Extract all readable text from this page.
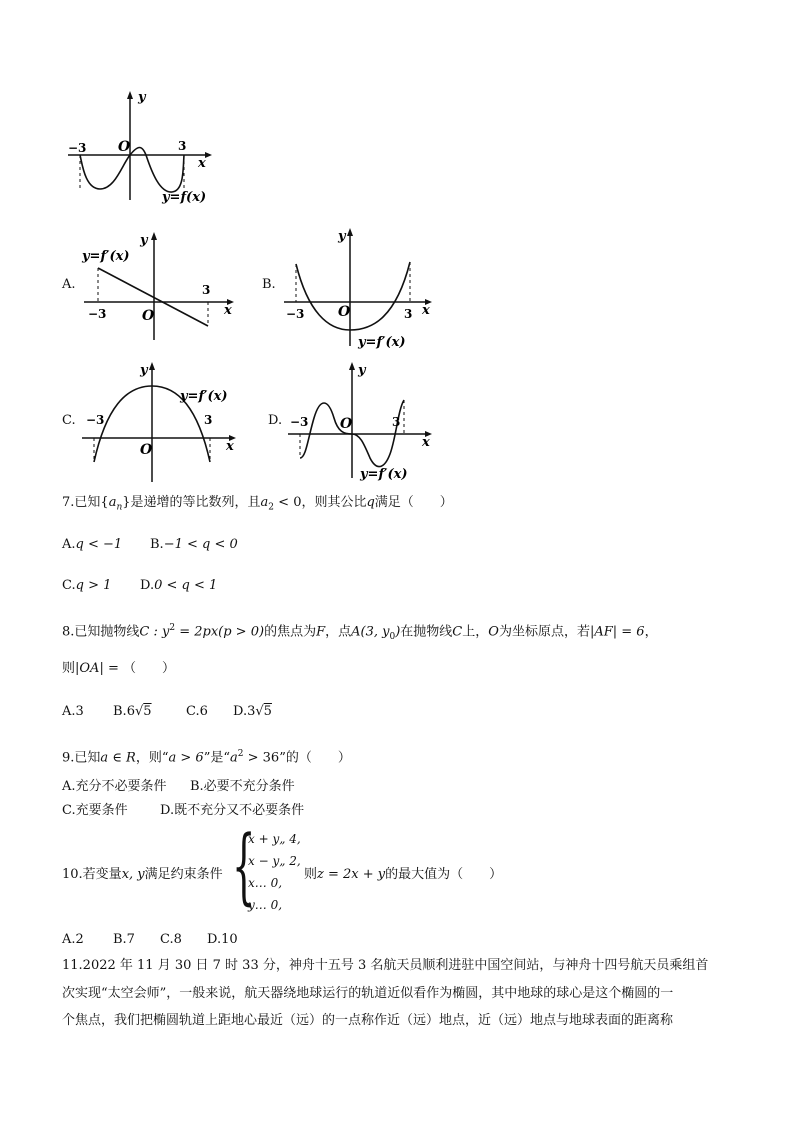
−3	3
O
y
x
y=f(x)
A.
y=f′(x)
y
−3
3
O	x
B.
y
−3	3
O	x
y=f′(x)
C.
y
y=f′(x)
−3	3
O	x
D.
y
−3	3
O
x
y=f′(x)
7.已知$\{a_n\}$是递增的等比数列，且$a_2 < 0$，则其公比q满足（　　）
A.q < −1 B.−1 < q < 0
C.q > 1 D.0 < q < 1
8.已知抛物线C : $y^2 = 2px(p > 0)$的焦点为F，点A(3, $y_0$)在抛物线C上，O为坐标原点，若|AF| = 6，
则|OA| = （　　）
A.3 B.6√5	C.6 D.3√5
9.已知a ∈ R，则“a > 6”是“$a^2 > 36$”的（　　）
A.充分不必要条件 B.必要不充分条件
C.充要条件 D.既不充分又不必要条件
10.若变量x, y满足约束条件 {
x + y„ 4,
x − y„ 2,
x… 0,
y… 0,
则z = 2x + y的最大值为（　　）
A.2 B.7 C.8 D.10
11.2022 年 11 月 30 日 7 时 33 分，神舟十五号 3 名航天员顺利进驻中国空间站，与神舟十四号航天员乘组首
次实现“太空会师”，一般来说，航天器绕地球运行的轨道近似看作为椭圆，其中地球的球心是这个椭圆的一
个焦点，我们把椭圆轨道上距地心最近（远）的一点称作近（远）地点，近（远）地点与地球表面的距离称
